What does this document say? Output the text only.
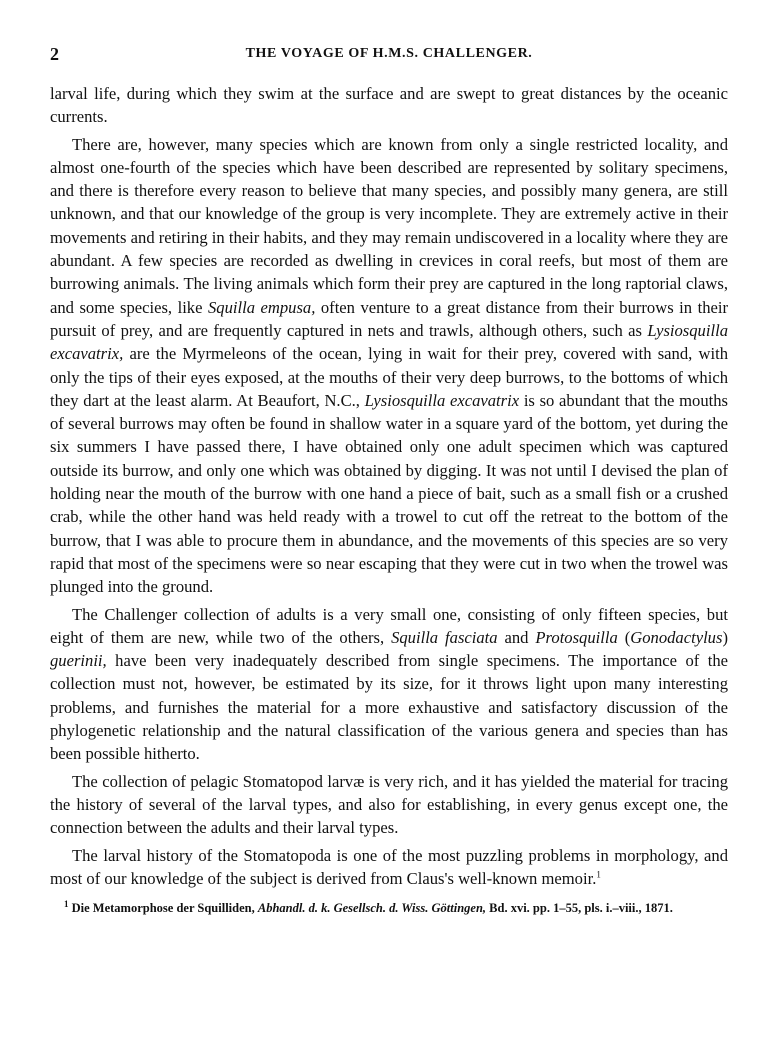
2	THE VOYAGE OF H.M.S. CHALLENGER.

larval life, during which they swim at the surface and are swept to great distances by the oceanic currents.

There are, however, many species which are known from only a single restricted locality, and almost one-fourth of the species which have been described are represented by solitary specimens, and there is therefore every reason to believe that many species, and possibly many genera, are still unknown, and that our knowledge of the group is very incomplete. They are extremely active in their movements and retiring in their habits, and they may remain undiscovered in a locality where they are abundant. A few species are recorded as dwelling in crevices in coral reefs, but most of them are burrowing animals. The living animals which form their prey are captured in the long raptorial claws, and some species, like Squilla empusa, often venture to a great distance from their burrows in their pursuit of prey, and are frequently captured in nets and trawls, although others, such as Lysiosquilla excavatrix, are the Myrmeleons of the ocean, lying in wait for their prey, covered with sand, with only the tips of their eyes exposed, at the mouths of their very deep burrows, to the bottoms of which they dart at the least alarm. At Beaufort, N.C., Lysiosquilla excavatrix is so abundant that the mouths of several burrows may often be found in shallow water in a square yard of the bottom, yet during the six summers I have passed there, I have obtained only one adult specimen which was captured outside its burrow, and only one which was obtained by digging. It was not until I devised the plan of holding near the mouth of the burrow with one hand a piece of bait, such as a small fish or a crushed crab, while the other hand was held ready with a trowel to cut off the retreat to the bottom of the burrow, that I was able to procure them in abundance, and the movements of this species are so very rapid that most of the specimens were so near escaping that they were cut in two when the trowel was plunged into the ground.

The Challenger collection of adults is a very small one, consisting of only fifteen species, but eight of them are new, while two of the others, Squilla fasciata and Protosquilla (Gonodactylus) guerinii, have been very inadequately described from single specimens. The importance of the collection must not, however, be estimated by its size, for it throws light upon many interesting problems, and furnishes the material for a more exhaustive and satisfactory discussion of the phylogenetic relationship and the natural classification of the various genera and species than has been possible hitherto.

The collection of pelagic Stomatopod larvæ is very rich, and it has yielded the material for tracing the history of several of the larval types, and also for establishing, in every genus except one, the connection between the adults and their larval types.

The larval history of the Stomatopoda is one of the most puzzling problems in morphology, and most of our knowledge of the subject is derived from Claus's well-known memoir.$^1$

$^1$ Die Metamorphose der Squilliden, Abhandl. d. k. Gesellsch. d. Wiss. Göttingen, Bd. xvi. pp. 1–55, pls. i.–viii., 1871.
